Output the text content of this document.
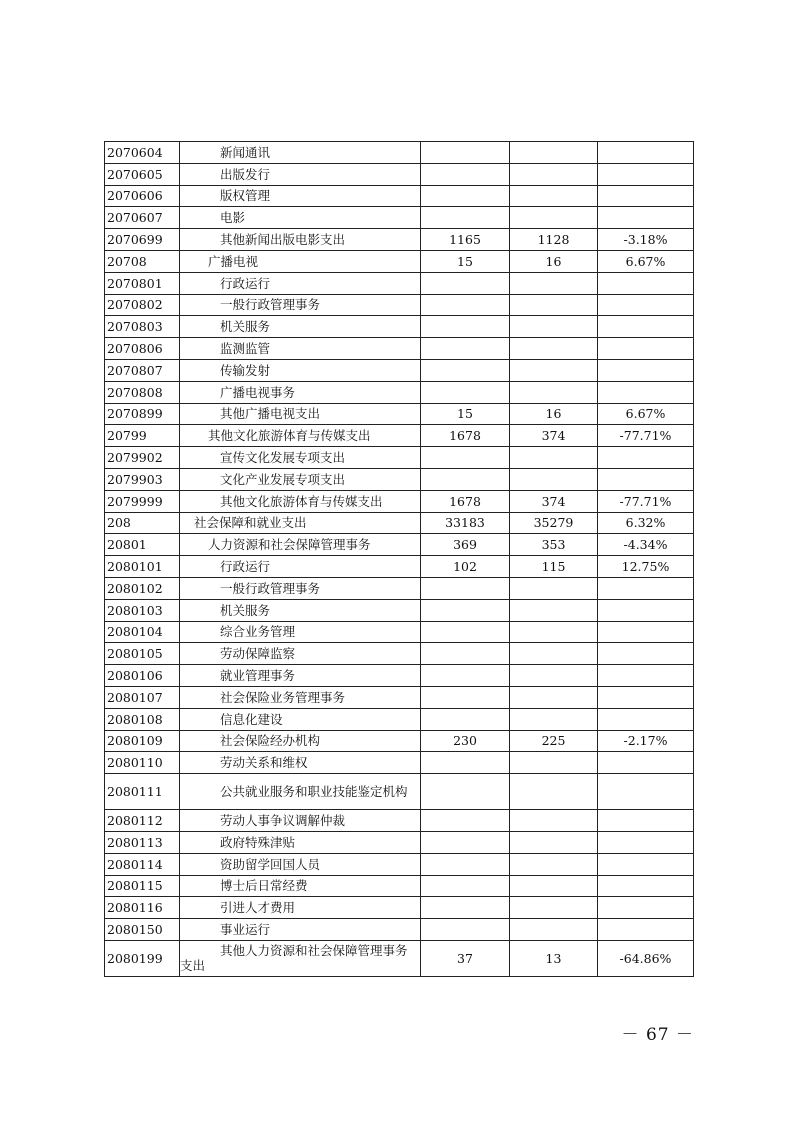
2070604	新闻通讯			

2070605	出版发行			

2070606	版权管理			

2070607	电影			

2070699	其他新闻出版电影支出	1165	1128	-3.18%
20708	广播电视	15	16	6.67%
2070801	行政运行			

2070802	一般行政管理事务			

2070803	机关服务			

2070806	监测监管			

2070807	传输发射			

2070808	广播电视事务			

2070899	其他广播电视支出	15	16	6.67%
20799	其他文化旅游体育与传媒支出	1678	374	-77.71%
2079902	宣传文化发展专项支出			

2079903	文化产业发展专项支出			

2079999	其他文化旅游体育与传媒支出	1678	374	-77.71%
208	社会保障和就业支出	33183	35279	6.32%
20801	人力资源和社会保障管理事务	369	353	-4.34%
2080101	行政运行	102	115	12.75%
2080102	一般行政管理事务			

2080103	机关服务			

2080104	综合业务管理			

2080105	劳动保障监察			

2080106	就业管理事务			

2080107	社会保险业务管理事务			

2080108	信息化建设			

2080109	社会保险经办机构	230	225	-2.17%
2080110	劳动关系和维权			

2080111	公共就业服务和职业技能鉴定机构			

2080112	劳动人事争议调解仲裁			

2080113	政府特殊津贴			

2080114	资助留学回国人员			

2080115	博士后日常经费			

2080116	引进人才费用			

2080150	事业运行			

2080199	其他人力资源和社会保障管理事务支出	37	13	-64.86%
－ 67 －
